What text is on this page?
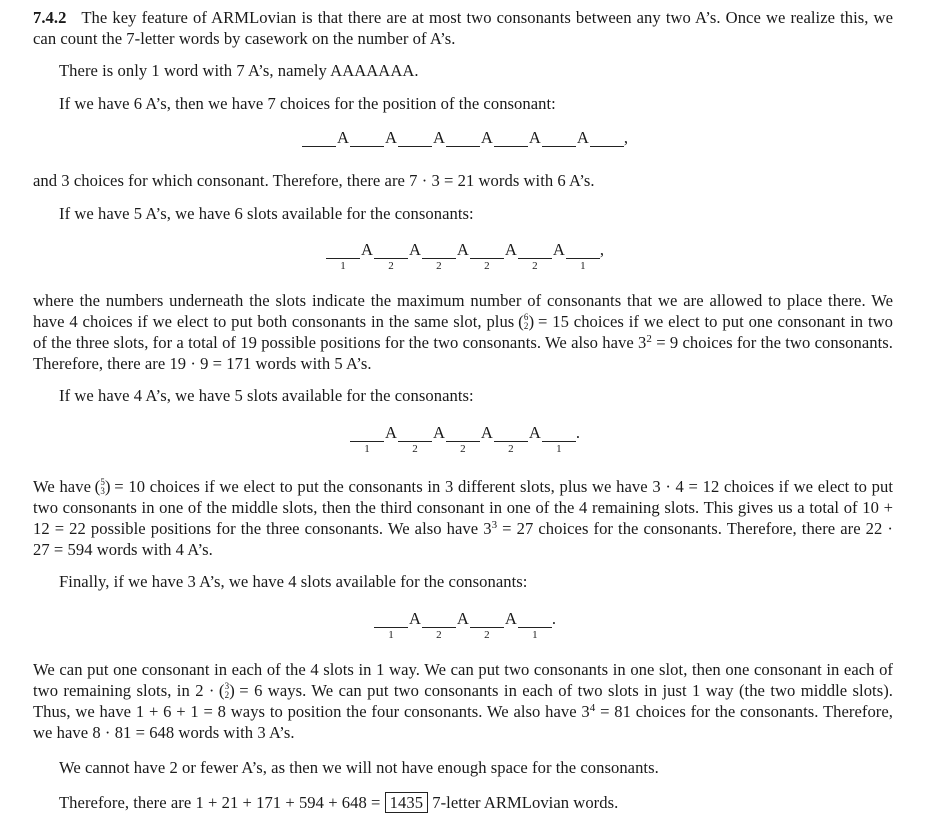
7.4.2 The key feature of ARMLovian is that there are at most two consonants between any two A’s. Once we realize this, we can count the 7-letter words by casework on the number of A’s.
There is only 1 word with 7 A’s, namely AAAAAAA.
If we have 6 A’s, then we have 7 choices for the position of the consonant:
A A A A A A ,
and 3 choices for which consonant. Therefore, there are 7 · 3 = 21 words with 6 A’s.
If we have 5 A’s, we have 6 slots available for the consonants:
1
A
2
A
2
A
2
A
2
A
1
,
where the numbers underneath the slots indicate the maximum number of consonants that we are allowed to place there. We have 4 choices if we elect to put both consonants in the same slot, plus ( 6
2 ) = 15 choices if we elect to put one consonant in two of the three slots, for a total of 19 possible positions for the two consonants. We also have $3^2 = 9$ choices for the two consonants. Therefore, there are 19 · 9 = 171 words with 5 A’s.
If we have 4 A’s, we have 5 slots available for the consonants:
1
A
2
A
2
A
2
A
1
.
We have ( 5
3 ) = 10 choices if we elect to put the consonants in 3 different slots, plus we have 3 · 4 = 12 choices if we elect to put two consonants in one of the middle slots, then the third consonant in one of the 4 remaining slots. This gives us a total of 10 + 12 = 22 possible positions for the three consonants. We also have $3^3 = 27$ choices for the consonants. Therefore, there are 22 · 27 = 594 words with 4 A’s.
Finally, if we have 3 A’s, we have 4 slots available for the consonants:
1
A
2
A
2
A
1
.
We can put one consonant in each of the 4 slots in 1 way. We can put two consonants in one slot, then one consonant in each of two remaining slots, in 2 · ( 3
2 ) = 6 ways. We can put two consonants in each of two slots in just 1 way (the two middle slots). Thus, we have 1 + 6 + 1 = 8 ways to position the four consonants. We also have $3^4 = 81$ choices for the consonants. Therefore, we have 8 · 81 = 648 words with 3 A’s.
We cannot have 2 or fewer A’s, as then we will not have enough space for the consonants.
Therefore, there are 1 + 21 + 171 + 594 + 648 = 1435 7-letter ARMLovian words.
